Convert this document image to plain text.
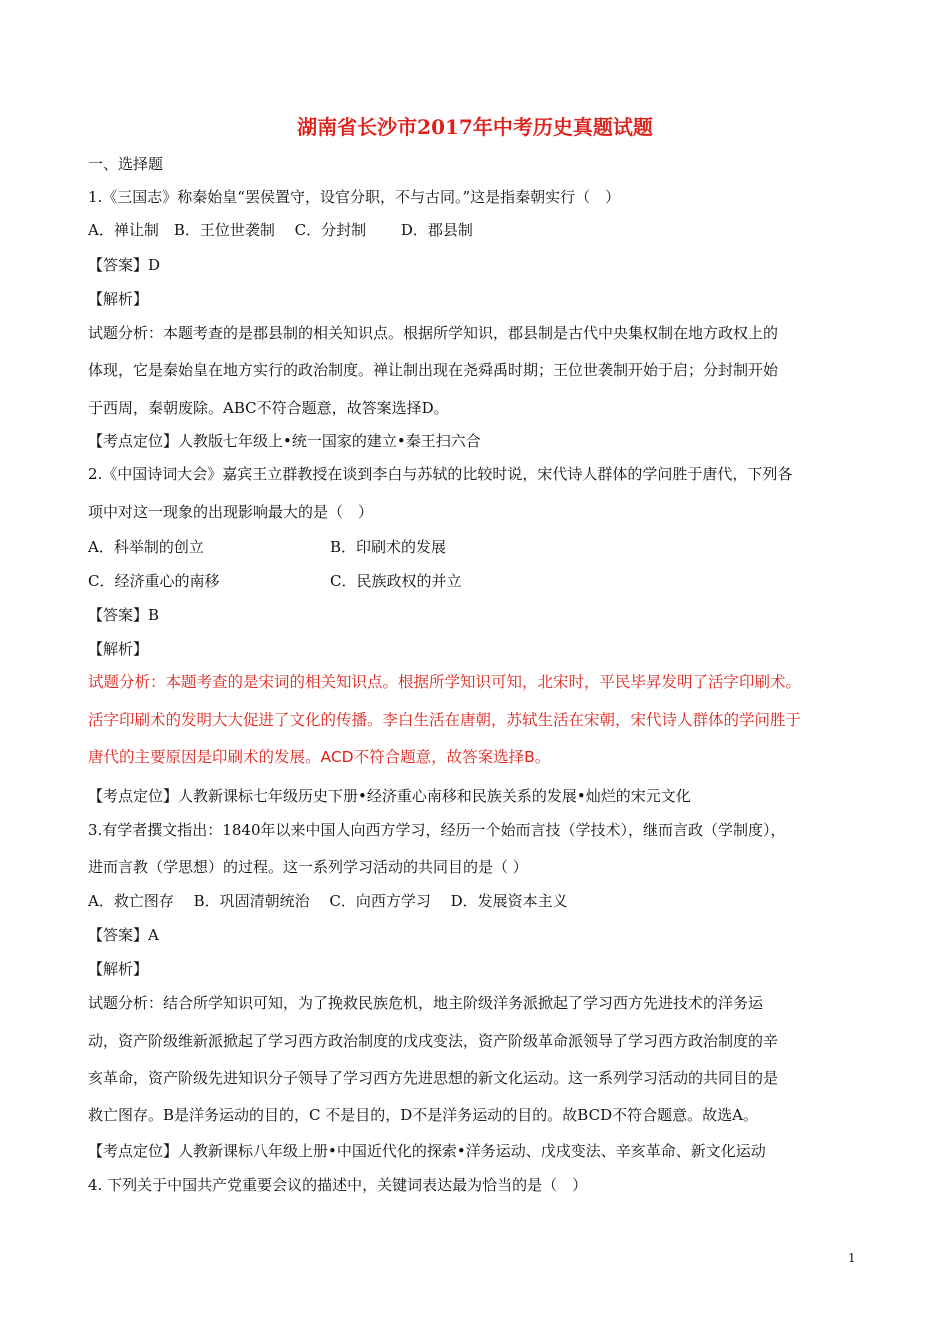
湖南省长沙市2017年中考历史真题试题
一、选择题
1.《三国志》称秦始皇“罢侯置守，设官分职，不与古同。”这是指秦朝实行（　）
A．禅让制　B．王位世袭制　 C．分封制　　 D．郡县制
【答案】D
【解析】
试题分析：本题考查的是郡县制的相关知识点。根据所学知识，郡县制是古代中央集权制在地方政权上的
体现，它是秦始皇在地方实行的政治制度。禅让制出现在尧舜禹时期；王位世袭制开始于启；分封制开始
于西周，秦朝废除。ABC不符合题意，故答案选择D。
【考点定位】人教版七年级上•统一国家的建立•秦王扫六合
2.《中国诗词大会》嘉宾王立群教授在谈到李白与苏轼的比较时说，宋代诗人群体的学问胜于唐代，下列各
项中对这一现象的出现影响最大的是（　）
A．科举制的创立	B．印刷术的发展
C．经济重心的南移	C．民族政权的并立
【答案】B
【解析】
试题分析：本题考查的是宋词的相关知识点。根据所学知识可知，北宋时，平民毕昇发明了活字印刷术。
活字印刷术的发明大大促进了文化的传播。李白生活在唐朝，苏轼生活在宋朝，宋代诗人群体的学问胜于
唐代的主要原因是印刷术的发展。ACD不符合题意，故答案选择B。
【考点定位】人教新课标七年级历史下册•经济重心南移和民族关系的发展•灿烂的宋元文化
3.有学者撰文指出：1840年以来中国人向西方学习，经历一个始而言技（学技术），继而言政（学制度），
进而言教（学思想）的过程。这一系列学习活动的共同目的是（ ）
A．救亡图存　 B．巩固清朝统治　 C．向西方学习　 D．发展资本主义
【答案】A
【解析】
试题分析：结合所学知识可知，为了挽救民族危机，地主阶级洋务派掀起了学习西方先进技术的洋务运
动，资产阶级维新派掀起了学习西方政治制度的戊戌变法，资产阶级革命派领导了学习西方政治制度的辛
亥革命，资产阶级先进知识分子领导了学习西方先进思想的新文化运动。这一系列学习活动的共同目的是
救亡图存。B是洋务运动的目的，C 不是目的，D不是洋务运动的目的。故BCD不符合题意。故选A。
【考点定位】人教新课标八年级上册•中国近代化的探索•洋务运动、戊戌变法、辛亥革命、新文化运动
4. 下列关于中国共产党重要会议的描述中，关键词表达最为恰当的是（　）
1
